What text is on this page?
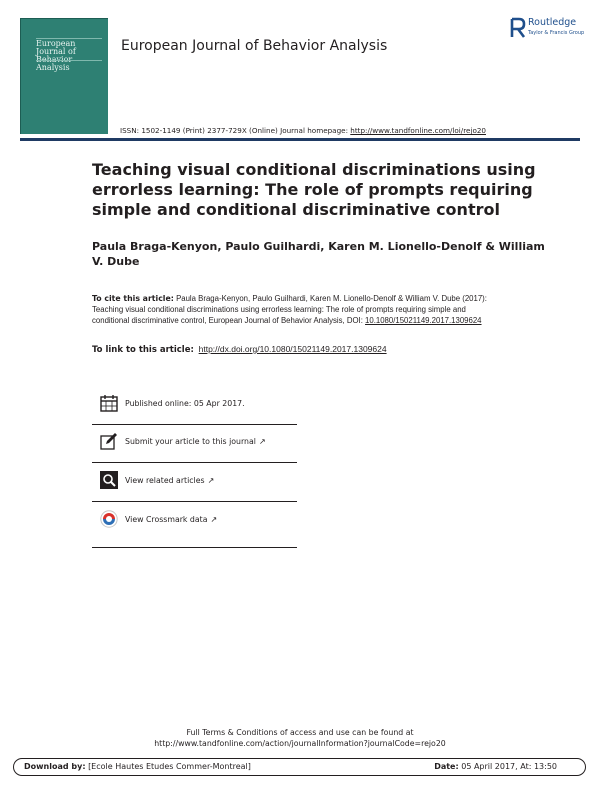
European Journal of Analysis
European Journal of Behavior Analysis
Routledge
Taylor & Francis Group
ISSN: 1502-1149 (Print) 2377-729X (Online) Journal homepage: http://www.tandfonline.com/loi/rejo20
Teaching visual conditional discriminations using errorless learning: The role of prompts requiring simple and conditional discriminative control
Paula Braga-Kenyon, Paulo Guilhardi, Karen M. Lionello-Denolf & William V. Dube
To cite this article: Paula Braga-Kenyon, Paulo Guilhardi, Karen M. Lionello-Denolf & William V. Dube (2017): Teaching visual conditional discriminations using errorless learning: The role of prompts requiring simple and conditional discriminative control, European Journal of Behavior Analysis, DOI: 10.1080/15021149.2017.1309624
To link to this article: http://dx.doi.org/10.1080/15021149.2017.1309624
Published online: 05 Apr 2017.
Submit your article to this journal ↗
View related articles ↗
View Crossmark data ↗
Full Terms & Conditions of access and use can be found at
http://www.tandfonline.com/action/journalInformation?journalCode=rejo20
Download by: [Ecole Hautes Etudes Commer-Montreal]	Date: 05 April 2017, At: 13:50
